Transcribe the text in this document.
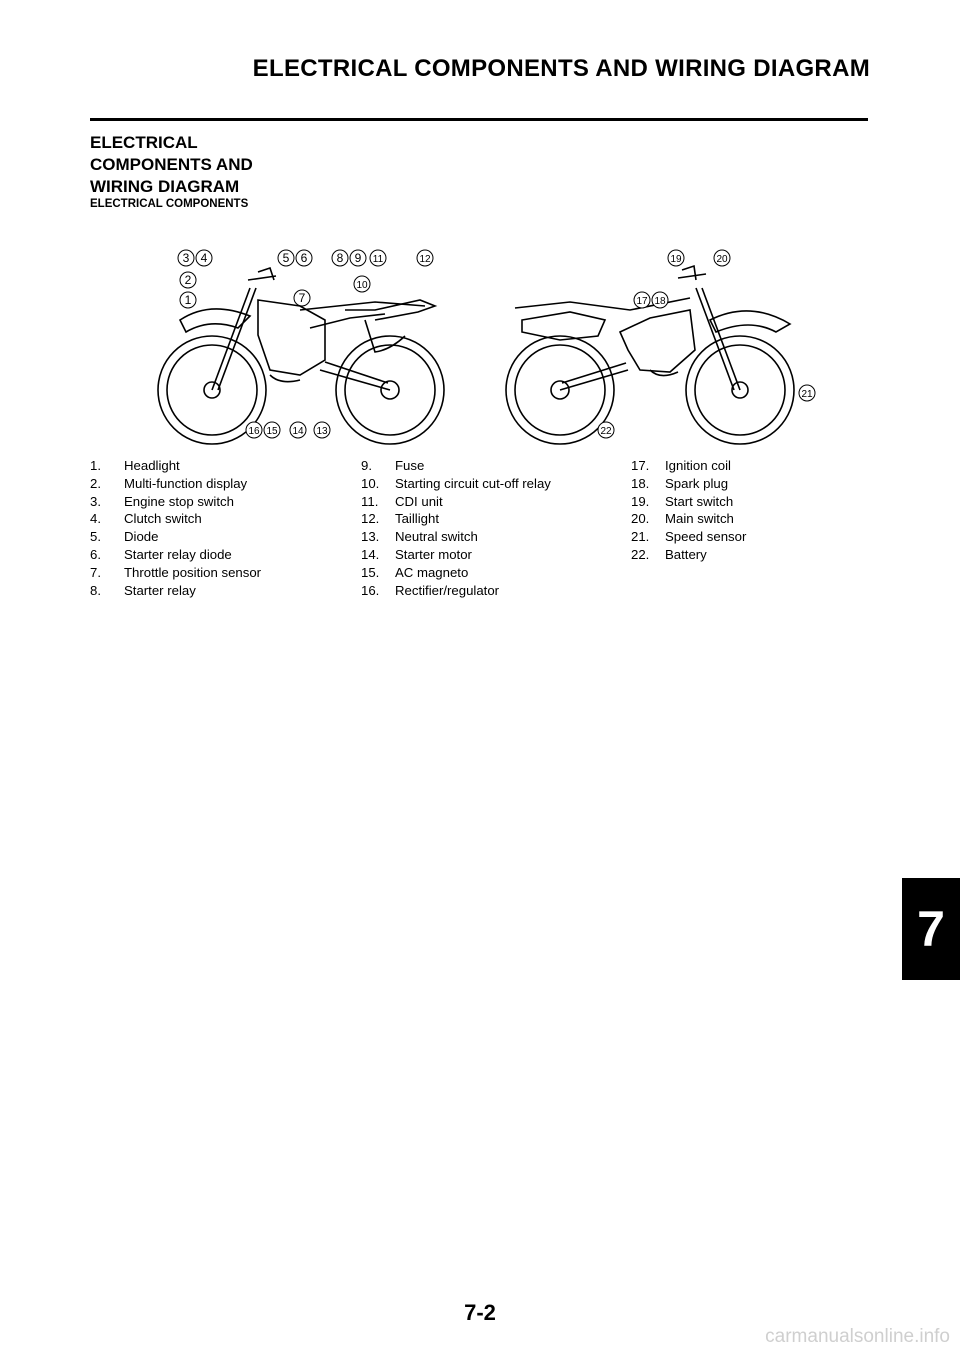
ELECTRICAL COMPONENTS AND WIRING DIAGRAM
ELECTRICAL
COMPONENTS AND
WIRING DIAGRAM
ELECTRICAL COMPONENTS
3 4	5 6 8 9 11	12
2
1	7
10
16 15 14 13
19	20
17 18
21
22
1.	Headlight
2.	Multi-function display
3.	Engine stop switch
4.	Clutch switch
5.	Diode
6.	Starter relay diode
7.	Throttle position sensor
8.	Starter relay
9.	Fuse
10.	Starting circuit cut-off relay
11.	CDI unit
12.	Taillight
13.	Neutral switch
14.	Starter motor
15.	AC magneto
16.	Rectifier/regulator
17.	Ignition coil
18.	Spark plug
19.	Start switch
20.	Main switch
21.	Speed sensor
22.	Battery
7-2
7
carmanualsonline.info
